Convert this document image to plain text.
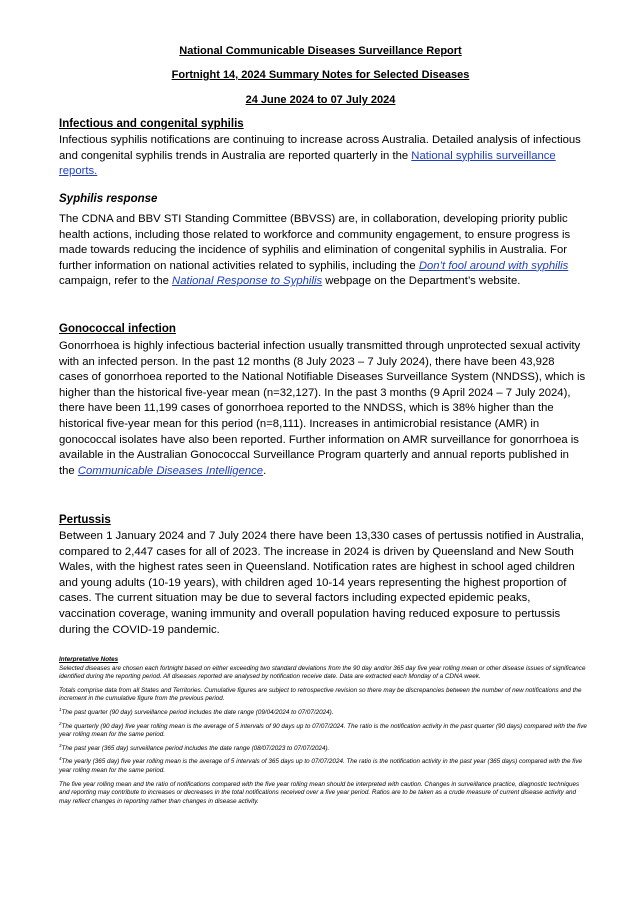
National Communicable Diseases Surveillance Report
Fortnight 14, 2024 Summary Notes for Selected Diseases
24 June 2024 to 07 July 2024
Infectious and congenital syphilis
Infectious syphilis notifications are continuing to increase across Australia. Detailed analysis of infectious and congenital syphilis trends in Australia are reported quarterly in the National syphilis surveillance reports.
Syphilis response
The CDNA and BBV STI Standing Committee (BBVSS) are, in collaboration, developing priority public health actions, including those related to workforce and community engagement, to ensure progress is made towards reducing the incidence of syphilis and elimination of congenital syphilis in Australia. For further information on national activities related to syphilis, including the Don’t fool around with syphilis campaign, refer to the National Response to Syphilis webpage on the Department’s website.
Gonococcal infection
Gonorrhoea is highly infectious bacterial infection usually transmitted through unprotected sexual activity with an infected person. In the past 12 months (8 July 2023 – 7 July 2024), there have been 43,928 cases of gonorrhoea reported to the National Notifiable Diseases Surveillance System (NNDSS), which is higher than the historical five-year mean (n=32,127). In the past 3 months (9 April 2024 – 7 July 2024), there have been 11,199 cases of gonorrhoea reported to the NNDSS, which is 38% higher than the historical five-year mean for this period (n=8,111). Increases in antimicrobial resistance (AMR) in gonococcal isolates have also been reported. Further information on AMR surveillance for gonorrhoea is available in the Australian Gonococcal Surveillance Program quarterly and annual reports published in the Communicable Diseases Intelligence.
Pertussis
Between 1 January 2024 and 7 July 2024 there have been 13,330 cases of pertussis notified in Australia, compared to 2,447 cases for all of 2023. The increase in 2024 is driven by Queensland and New South Wales, with the highest rates seen in Queensland. Notification rates are highest in school aged children and young adults (10-19 years), with children aged 10-14 years representing the highest proportion of cases. The current situation may be due to several factors including expected epidemic peaks, vaccination coverage, waning immunity and overall population having reduced exposure to pertussis during the COVID-19 pandemic.

Interpretative Notes

Selected diseases are chosen each fortnight based on either exceeding two standard deviations from the 90 day and/or 365 day five year rolling mean or other disease issues of significance identified during the reporting period. All diseases reported are analysed by notification receive date. Data are extracted each Monday of a CDNA week.

Totals comprise data from all States and Territories. Cumulative figures are subject to retrospective revision so there may be discrepancies between the number of new notifications and the increment in the cumulative figure from the previous period.

$^1$The past quarter (90 day) surveillance period includes the date range (09/04/2024 to 07/07/2024).

$^2$The quarterly (90 day) five year rolling mean is the average of 5 intervals of 90 days up to 07/07/2024. The ratio is the notification activity in the past quarter (90 days) compared with the five year rolling mean for the same period.

$^3$The past year (365 day) surveillance period includes the date range (08/07/2023 to 07/07/2024).

$^4$The yearly (365 day) five year rolling mean is the average of 5 intervals of 365 days up to 07/07/2024. The ratio is the notification activity in the past year (365 days) compared with the five year rolling mean for the same period.

The five year rolling mean and the ratio of notifications compared with the five year rolling mean should be interpreted with caution. Changes in surveillance practice, diagnostic techniques and reporting may contribute to increases or decreases in the total notifications received over a five year period. Ratios are to be taken as a crude measure of current disease activity and may reflect changes in reporting rather than changes in disease activity.
